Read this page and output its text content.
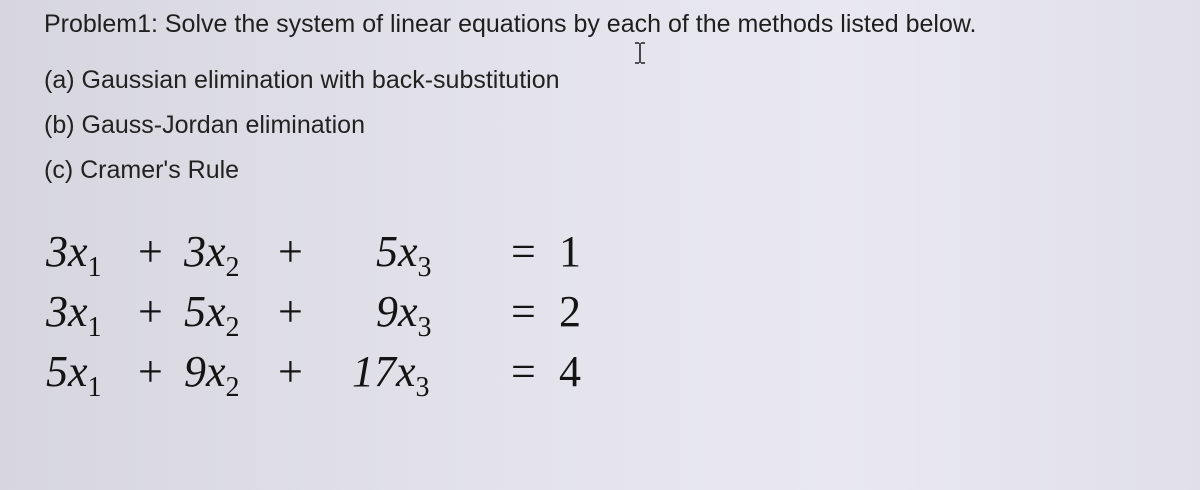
Problem1: Solve the system of linear equations by each of the methods listed below.
(a) Gaussian elimination with back-substitution
(b) Gauss-Jordan elimination
(c) Cramer's Rule
$3x_1 + 3x_2 + 5x_3 = 1$
$3x_1 + 5x_2 + 9x_3 = 2$
$5x_1 + 9x_2 + 17x_3 = 4$
